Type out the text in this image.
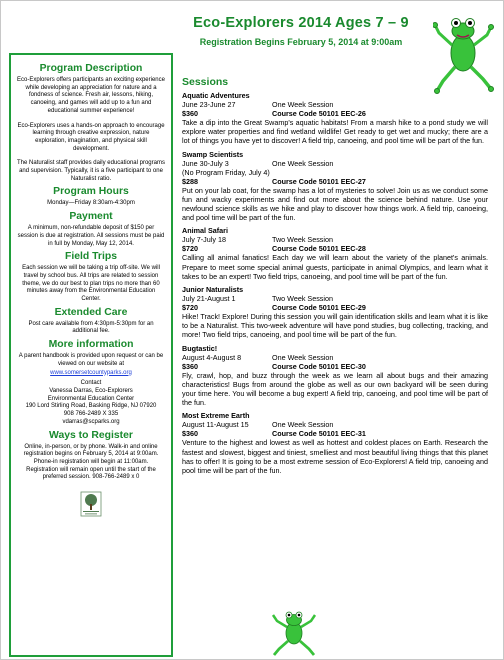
Eco-Explorers 2014 Ages 7 – 9
Registration Begins February 5, 2014 at 9:00am
Program Description

Eco-Explorers offers participants an exciting experience while developing an appreciation for nature and a fondness of science. Fresh air, lessons, hiking, canoeing, and games will add up to a fun and educational summer experience!

Eco-Explorers uses a hands-on approach to encourage learning through creative expression, nature exploration, imagination, and physical skill development.

The Naturalist staff provides daily educational programs and supervision. Typically, it is a five participant to one Naturalist ratio.

Program Hours

Monday—Friday 8:30am-4:30pm

Payment

A minimum, non-refundable deposit of $150 per session is due at registration. All sessions must be paid in full by Monday, May 12, 2014.

Field Trips

Each session we will be taking a trip off-site. We will travel by school bus. All trips are related to session theme, we do our best to plan trips no more than 60 minutes away from the Environmental Education Center.

Extended Care

Post care available from 4:30pm-5:30pm for an additional fee.

More information

A parent handbook is provided upon request or can be viewed on our website at

www.somersetcountyparks.org

Contact

Vanessa Darras, Eco-Explorers

Environmental Education Center

190 Lord Stirling Road, Basking Ridge, NJ 07920

908 766-2489 X 335

vdarras@scparks.org

Ways to Register

Online, in-person, or by phone. Walk-in and online registration begins on February 5, 2014 at 9:00am. Phone-in registration will begin at 11:00am. Registration will remain open until the start of the preferred session. 908-766-2489 x 0

Sessions
Aquatic Adventures
June 23-June 27	One Week Session
$360	Course Code 50101 EEC-26
Take a dip into the Great Swamp's aquatic habitats! From a marsh hike to a pond study we will explore water properties and find wetland wildlife! Get ready to get wet and mucky; there are a lot of things you have yet to discover! A field trip, canoeing, and pool time will be part of the fun.
Swamp Scientists
June 30-July 3	One Week Session
(No Program Friday, July 4)
$288	Course Code 50101 EEC-27
Put on your lab coat, for the swamp has a lot of mysteries to solve! Join us as we conduct some fun and wacky experiments and find out more about the science behind nature. Use your newfound science skills as we hike and play to discover how things work. A field trip, canoeing, and pool time will be part of the fun.
Animal Safari
July 7-July 18	Two Week Session
$720	Course Code 50101 EEC-28
Calling all animal fanatics! Each day we will learn about the variety of the planet's animals. Prepare to meet some special animal guests, participate in animal Olympics, and learn what it takes to be an expert! Two field trips, canoeing, and pool time will be part of the fun.
Junior Naturalists
July 21-August 1	Two Week Session
$720	Course Code 50101 EEC-29
Hike! Track! Explore! During this session you will gain identification skills and learn what it is like to be a Naturalist. This two-week adventure will have pond studies, bug collecting, tracking, and more! Two field trips, canoeing, and pool time will be part of the fun.
Bugtastic!
August 4-August 8	One Week Session
$360	Course Code 50101 EEC-30
Fly, crawl, hop, and buzz through the week as we learn all about bugs and their amazing characteristics! Bugs from around the globe as well as our own backyard will be seen during your time here. You will become a bug expert! A field trip, canoeing, and pool time will be part of the fun.
Most Extreme Earth
August 11-August 15	One Week Session
$360	Course Code 50101 EEC-31
Venture to the highest and lowest as well as hottest and coldest places on Earth. Research the fastest and slowest, biggest and tiniest, smelliest and most beautiful living things that this planet has to offer! It is going to be a most extreme session of Eco-Explorers! A field trip, canoeing and pool time will be part of the fun.
